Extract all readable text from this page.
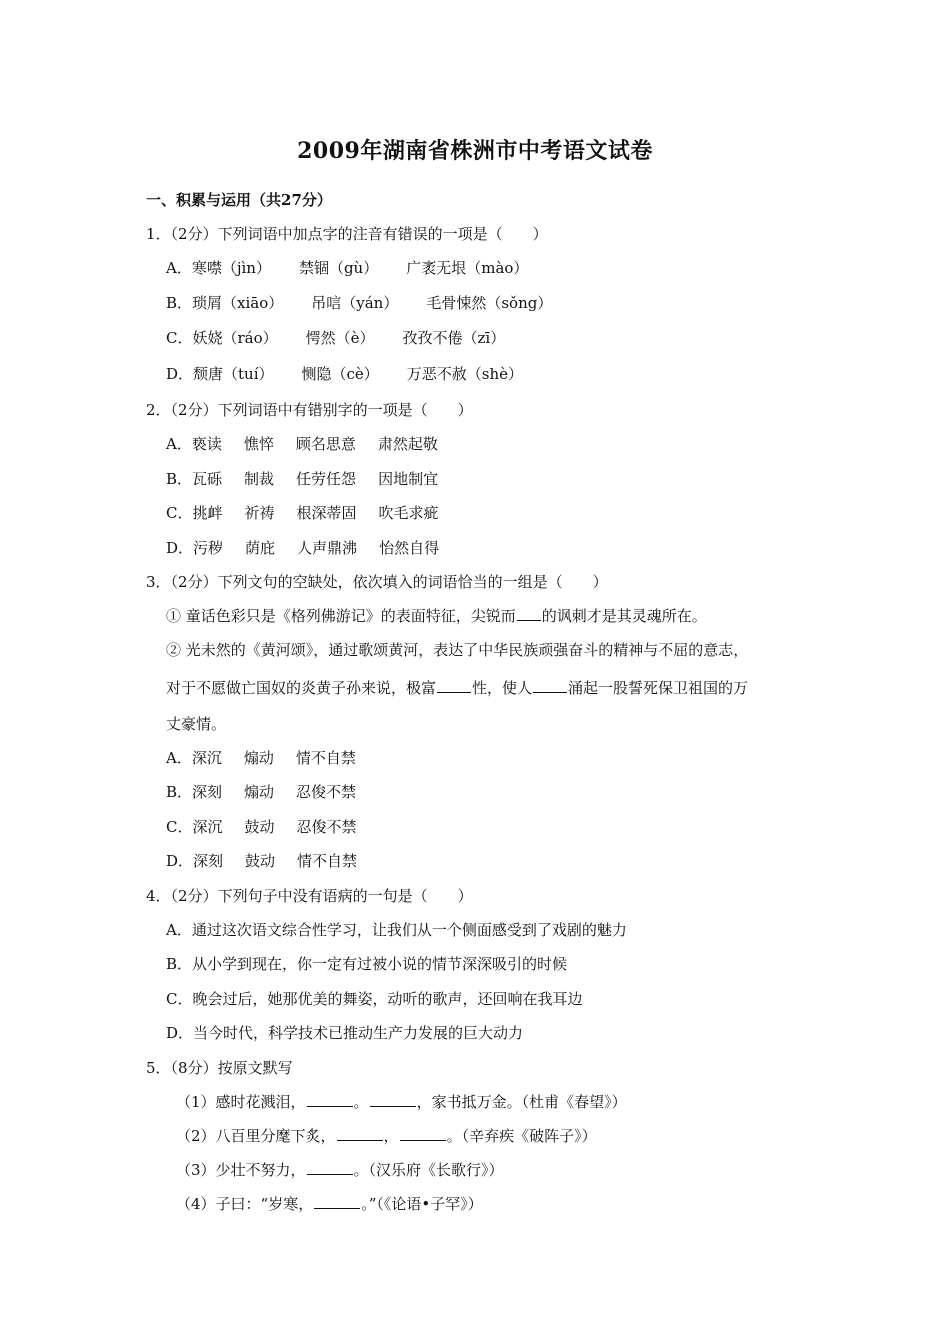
2009年湖南省株洲市中考语文试卷
一、积累与运用（共27分）
1．（2分）下列词语中加点字的注音有错误的一项是（　　）
A．寒噤（jìn） 禁锢（gù） 广袤无垠（mào）
B．琐屑（xiāo） 吊唁（yán） 毛骨悚然（sǒng）
C．妖娆（ráo） 愕然（è） 孜孜不倦（zī）
D．颓唐（tuí） 恻隐（cè） 万恶不赦（shè）
2．（2分）下列词语中有错别字的一项是（　　）
A．亵读 憔悴 顾名思意 肃然起敬
B．瓦砾 制裁 任劳任怨 因地制宜
C．挑衅 祈祷 根深蒂固 吹毛求疵
D．污秽 荫庇 人声鼎沸 怡然自得
3．（2分）下列文句的空缺处，依次填入的词语恰当的一组是（　　）
① 童话色彩只是《格列佛游记》的表面特征，尖锐而 的讽刺才是其灵魂所在。
② 光未然的《黄河颂》，通过歌颂黄河，表达了中华民族顽强奋斗的精神与不屈的意志，
对于不愿做亡国奴的炎黄子孙来说，极富 性，使人 涌起一股誓死保卫祖国的万
丈豪情。
A．深沉 煽动 情不自禁
B．深刻 煽动 忍俊不禁
C．深沉 鼓动 忍俊不禁
D．深刻 鼓动 情不自禁
4．（2分）下列句子中没有语病的一句是（　　）
A．通过这次语文综合性学习，让我们从一个侧面感受到了戏剧的魅力
B．从小学到现在，你一定有过被小说的情节深深吸引的时候
C．晚会过后，她那优美的舞姿，动听的歌声，还回响在我耳边
D．当今时代，科学技术已推动生产力发展的巨大动力
5．（8分）按原文默写
（1）感时花溅泪，	。	，家书抵万金。（杜甫《春望》）
（2）八百里分麾下炙，	，	。（辛弃疾《破阵子》）
（3）少壮不努力，	。（汉乐府《长歌行》）
（4）子曰：“岁寒，	。”（《论语•子罕》）
